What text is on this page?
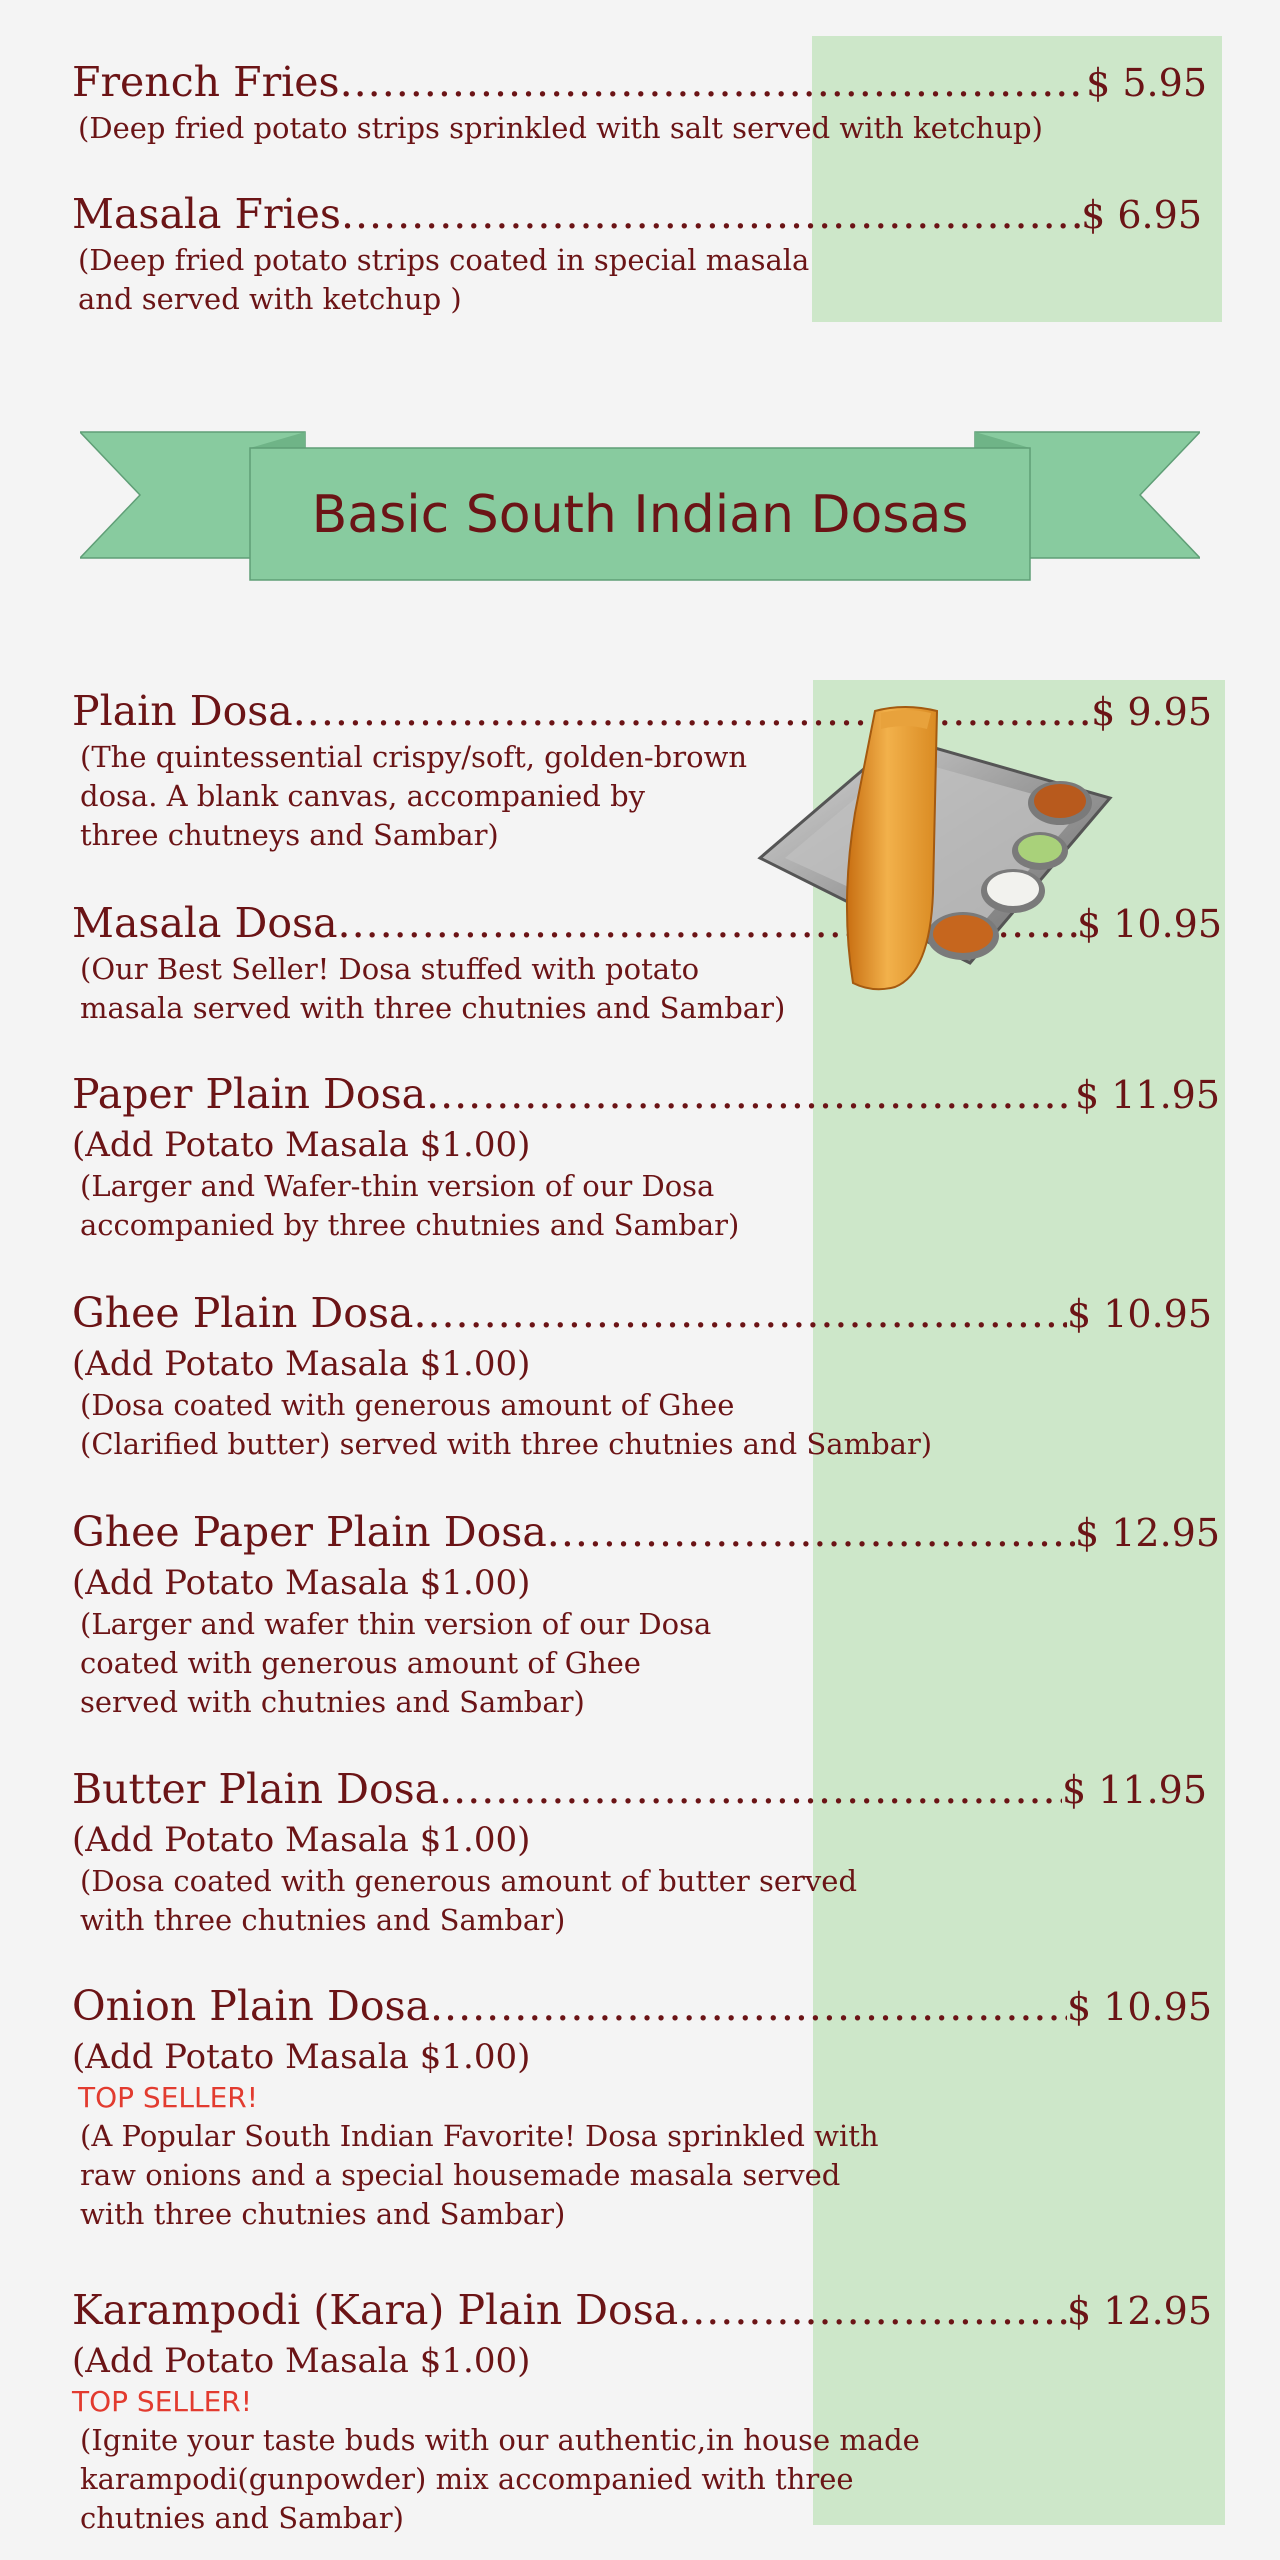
French Fries .....	$ 5.95
(Deep fried potato strips sprinkled with salt served with ketchup)
Masala Fries .....	$ 6.95
(Deep fried potato strips coated in special masala
and served with ketchup )
Basic South Indian Dosas
Plain Dosa .....	$ 9.95
(The quintessential crispy/soft, golden-brown
dosa. A blank canvas, accompanied by
three chutneys and Sambar)
Masala Dosa .....	$ 10.95
(Our Best Seller! Dosa stuffed with potato
masala served with three chutnies and Sambar)
Paper Plain Dosa .....	$ 11.95
(Add Potato Masala $1.00)
(Larger and Wafer-thin version of our Dosa
accompanied by three chutnies and Sambar)
Ghee Plain Dosa .....	$ 10.95
(Add Potato Masala $1.00)
(Dosa coated with generous amount of Ghee
(Clarified butter) served with three chutnies and Sambar)
Ghee Paper Plain Dosa .....	$ 12.95
(Add Potato Masala $1.00)
(Larger and wafer thin version of our Dosa
coated with generous amount of Ghee
served with chutnies and Sambar)
Butter Plain Dosa .....	$ 11.95
(Add Potato Masala $1.00)
(Dosa coated with generous amount of butter served
with three chutnies and Sambar)
Onion Plain Dosa .....	$ 10.95
(Add Potato Masala $1.00)
TOP SELLER!
(A Popular South Indian Favorite! Dosa sprinkled with
raw onions and a special housemade masala served
with three chutnies and Sambar)
Karampodi (Kara) Plain Dosa .....	$ 12.95
(Add Potato Masala $1.00)
TOP SELLER!
(Ignite your taste buds with our authentic,in house made
karampodi(gunpowder) mix accompanied with three
chutnies and Sambar)
